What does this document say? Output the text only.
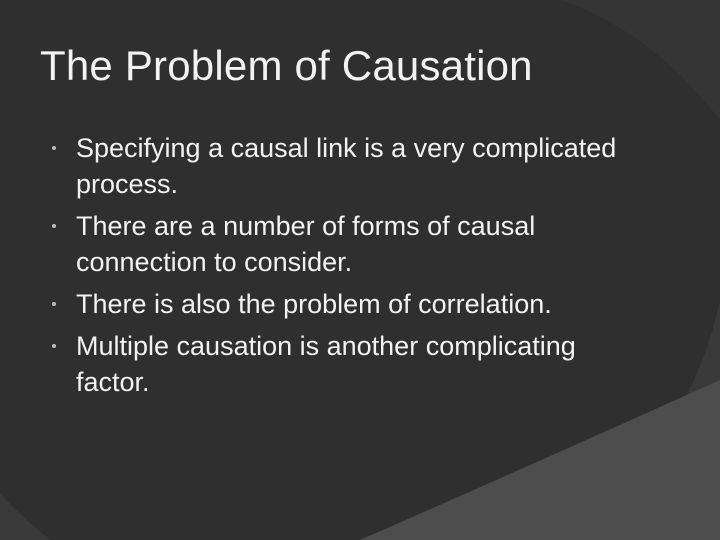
The Problem of Causation
Specifying a causal link is a very complicated process.
There are a number of forms of causal connection to consider.
There is also the problem of correlation.
Multiple causation is another complicating factor.
